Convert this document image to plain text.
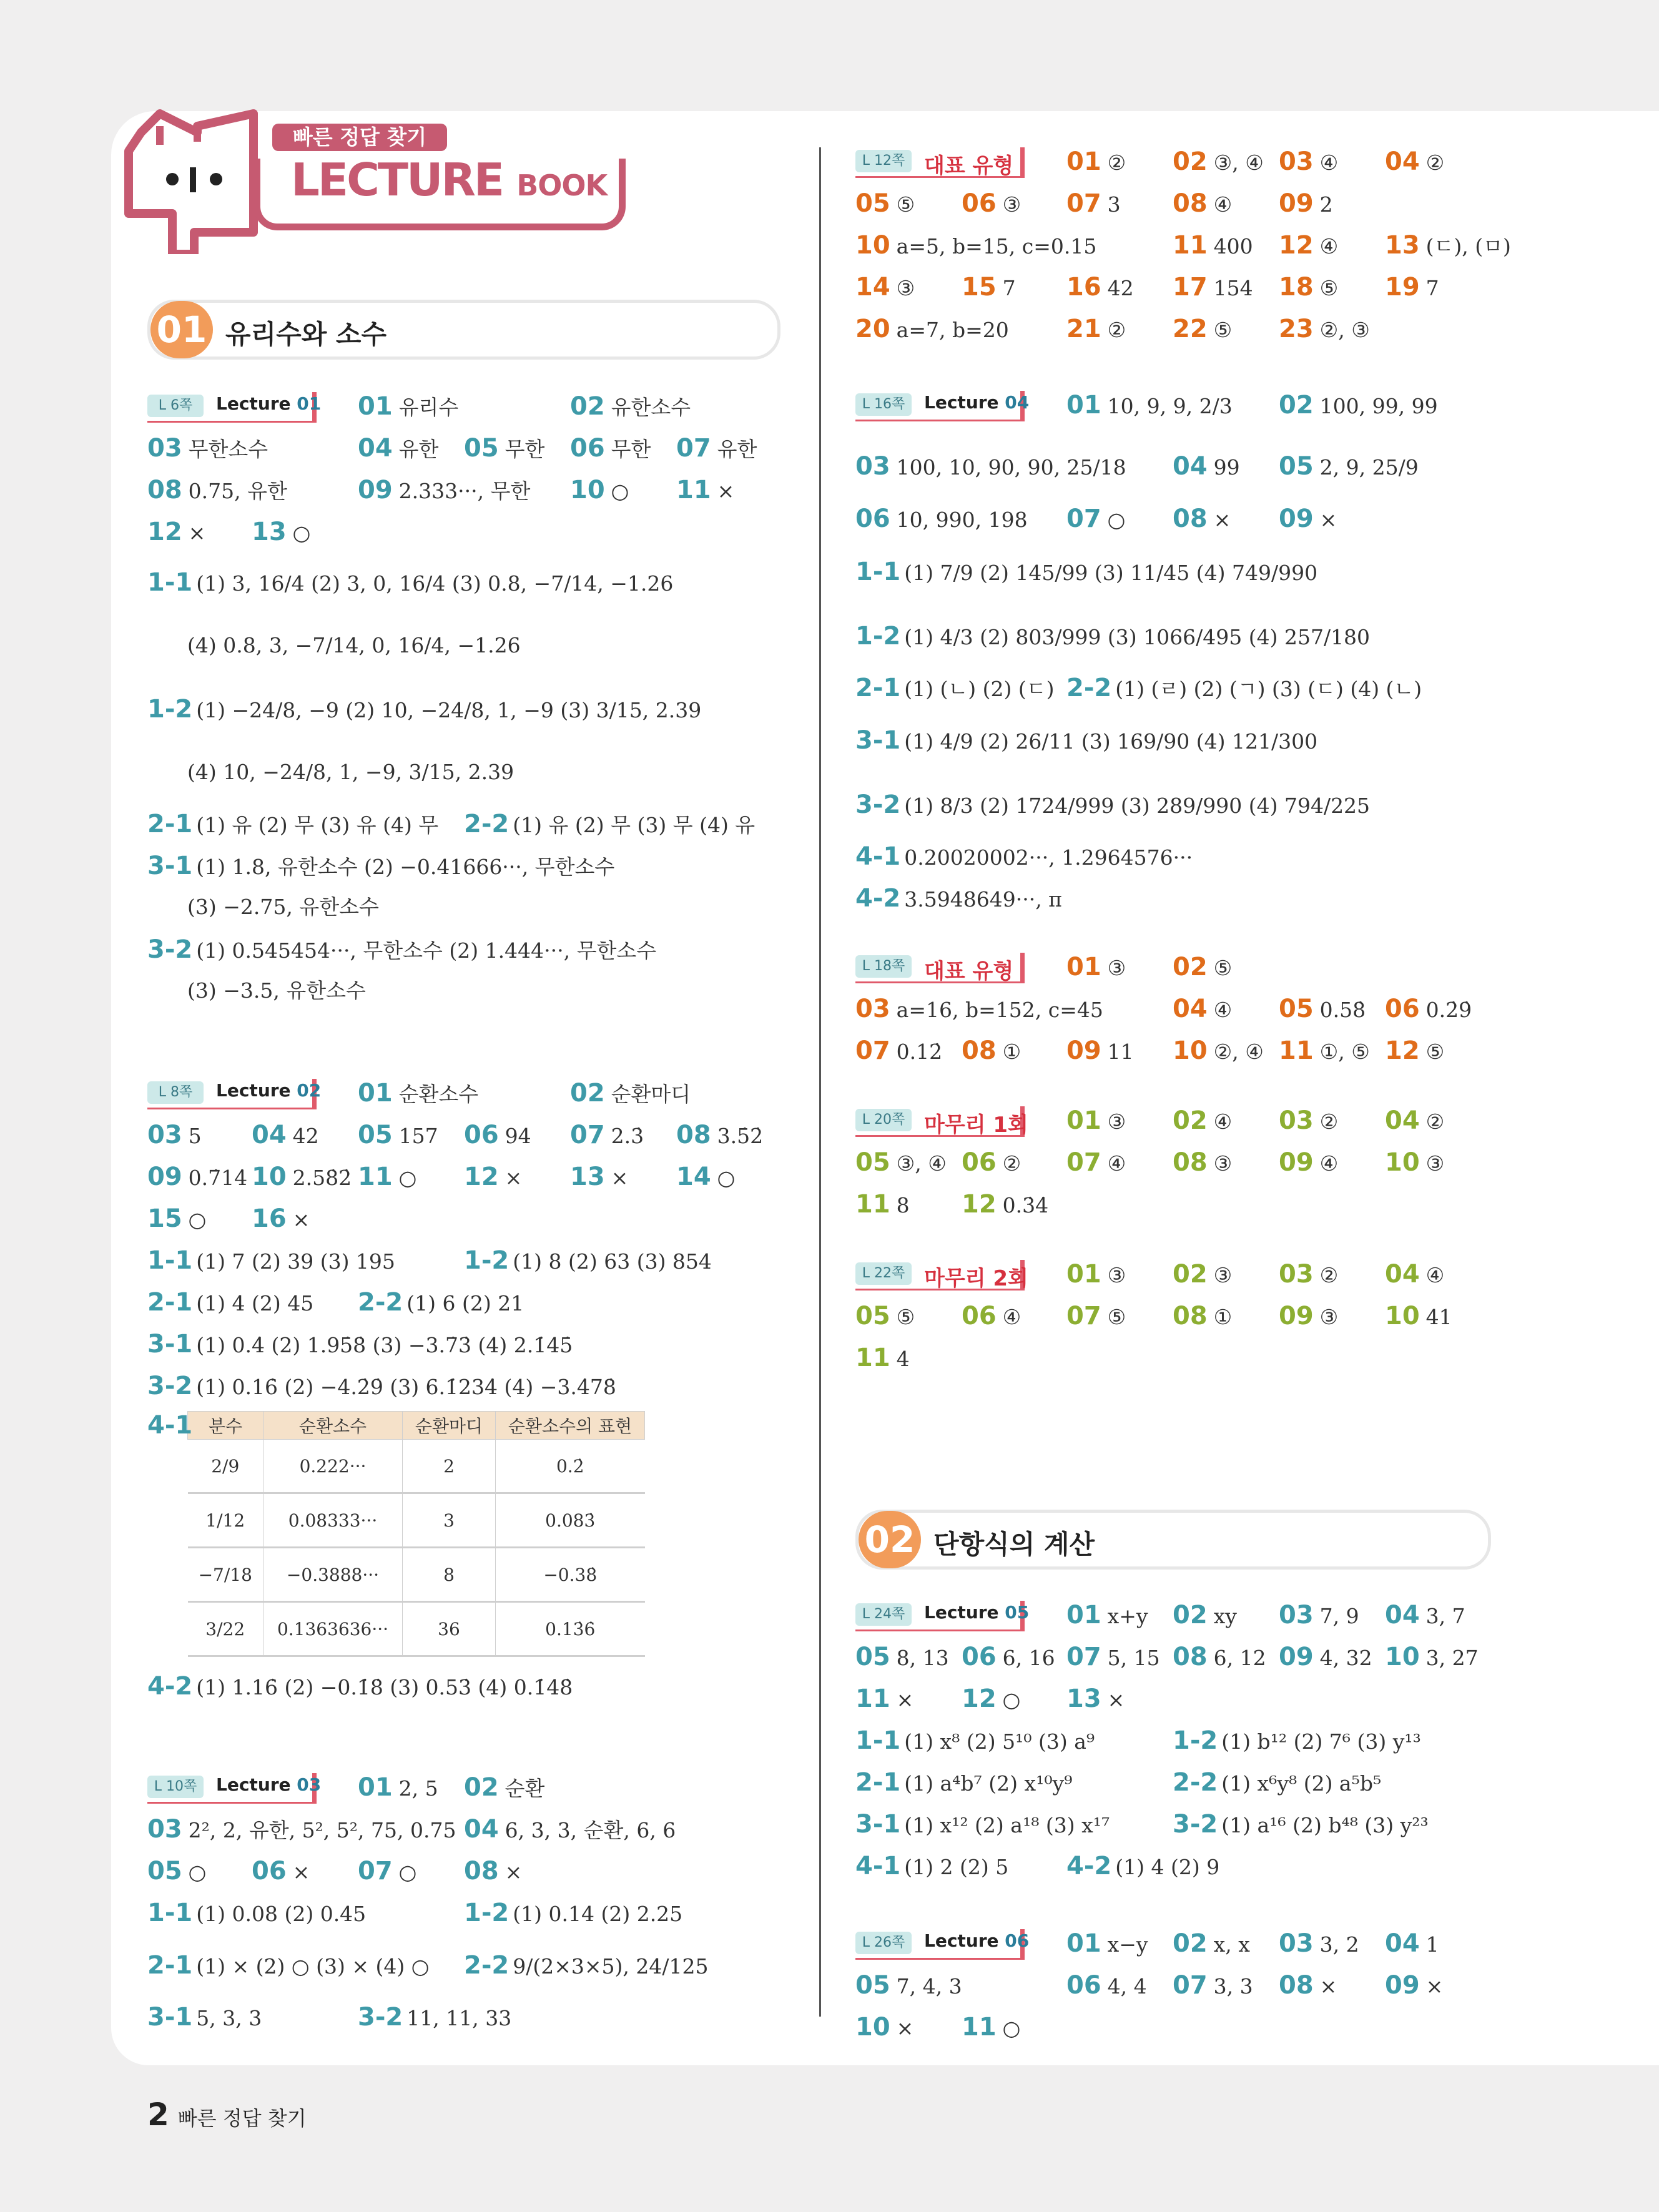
빠른 정답 찾기
LECTURE BOOK
01 유리수와 소수
02 단항식의 계산
분수	순환소수	순환마디	순환소수의 표현
2/9	0.222···	2	0.2̇
1/12	0.08333···	3	0.083̇
−7/18	−0.3888···	8	−0.38̇
3/22	0.1363636···	36	0.13̇6̇
2 빠른 정답 찾기
L 6쪽	Lecture 01
L 8쪽	Lecture 02
L 10쪽	Lecture 03
L 12쪽 대표 유형
L 16쪽	Lecture 04
L 18쪽 대표 유형
L 20쪽 마무리 1회
L 22쪽 마무리 2회
L 24쪽	Lecture 05
L 26쪽	Lecture 06
01 유리수	02 유한소수
03 무한소수	04 유한 05 무한 06 무한 07 유한
08 0.75, 유한	09 2.333···, 무한 10 ○ 11 ×
12 × 13 ○
1-1 (1) 3, 16/4 (2) 3, 0, 16/4 (3) 0.8, −7/14, −1.26
(4) 0.8, 3, −7/14, 0, 16/4, −1.26
1-2 (1) −24/8, −9 (2) 10, −24/8, 1, −9 (3) 3/15, 2.39
(4) 10, −24/8, 1, −9, 3/15, 2.39
2-1 (1) 유 (2) 무 (3) 유 (4) 무 2-2 (1) 유 (2) 무 (3) 무 (4) 유
3-1 (1) 1.8, 유한소수 (2) −0.41666···, 무한소수
(3) −2.75, 유한소수
3-2 (1) 0.545454···, 무한소수 (2) 1.444···, 무한소수
(3) −3.5, 유한소수
01 순환소수	02 순환마디
03 5 04 42 05 157 06 94 07 2.3̇ 08 3.5̇2̇
09 0.7̇14̇ 10 2.58̇2̇ 11 ○ 12 × 13 × 14 ○
15 ○ 16 ×
1-1 (1) 7 (2) 39 (3) 195	1-2 (1) 8 (2) 63 (3) 854
2-1 (1) 4 (2) 45 2-2 (1) 6 (2) 21
3-1 (1) 0.4̇ (2) 1.95̇8̇ (3) −3.7̇3̇ (4) 2.1̇45̇
3-2 (1) 0.16̇ (2) −4.2̇9̇ (3) 6.1̇234̇ (4) −3.4̇78̇
4-1
4-2 (1) 1.16̇ (2) −0.1̇8̇ (3) 0.53̇ (4) 0.1̇48̇
01 2, 5 02 순환
03 2², 2, 유한, 5², 5², 75, 0.75 04 6, 3, 3, 순환, 6, 6
05 ○ 06 × 07 ○ 08 ×
1-1 (1) 0.08 (2) 0.45	1-2 (1) 0.14 (2) 2.25
2-1 (1) × (2) ○ (3) × (4) ○ 2-2 9/(2×3×5), 24/125
3-1 5, 3, 3	3-2 11, 11, 33
01 ② 02 ③, ④ 03 ④ 04 ②
05 ⑤ 06 ③ 07 3 08 ④ 09 2
10 a=5, b=15, c=0.15	11 400 12 ④ 13 (ㄷ), (ㅁ)
14 ③ 15 7 16 42 17 154 18 ⑤ 19 7
20 a=7, b=20 21 ② 22 ⑤ 23 ②, ③
01 10, 9, 9, 2/3 02 100, 99, 99
03 100, 10, 90, 90, 25/18 04 99 05 2, 9, 25/9
06 10, 990, 198 07 ○ 08 × 09 ×
1-1 (1) 7/9 (2) 145/99 (3) 11/45 (4) 749/990
1-2 (1) 4/3 (2) 803/999 (3) 1066/495 (4) 257/180
2-1 (1) (ㄴ) (2) (ㄷ) 2-2 (1) (ㄹ) (2) (ㄱ) (3) (ㄷ) (4) (ㄴ)
3-1 (1) 4/9 (2) 26/11 (3) 169/90 (4) 121/300
3-2 (1) 8/3 (2) 1724/999 (3) 289/990 (4) 794/225
4-1 0.20020002···, 1.2964576···
4-2 3.5948649···, π
01 ③ 02 ⑤
03 a=16, b=152, c=45	04 ④ 05 0.58̇ 06 0.2̇9̇
07 0.12̇ 08 ① 09 11 10 ②, ④ 11 ①, ⑤ 12 ⑤
01 ③ 02 ④ 03 ② 04 ②
05 ③, ④ 06 ② 07 ④ 08 ③ 09 ④ 10 ③
11 8 12 0.3̇4̇
01 ③ 02 ③ 03 ② 04 ④
05 ⑤ 06 ④ 07 ⑤ 08 ① 09 ③ 10 41
11 4
01 x+y 02 xy 03 7, 9 04 3, 7
05 8, 13 06 6, 16 07 5, 15 08 6, 12 09 4, 32 10 3, 27
11 × 12 ○ 13 ×
1-1 (1) x⁸ (2) 5¹⁰ (3) a⁹	1-2 (1) b¹² (2) 7⁶ (3) y¹³
2-1 (1) a⁴b⁷ (2) x¹⁰y⁹	2-2 (1) x⁶y⁸ (2) a⁵b⁵
3-1 (1) x¹² (2) a¹⁸ (3) x¹⁷	3-2 (1) a¹⁶ (2) b⁴⁸ (3) y²³
4-1 (1) 2 (2) 5 4-2 (1) 4 (2) 9
01 x−y 02 x, x 03 3, 2 04 1
05 7, 4, 3	06 4, 4 07 3, 3 08 × 09 ×
10 × 11 ○
